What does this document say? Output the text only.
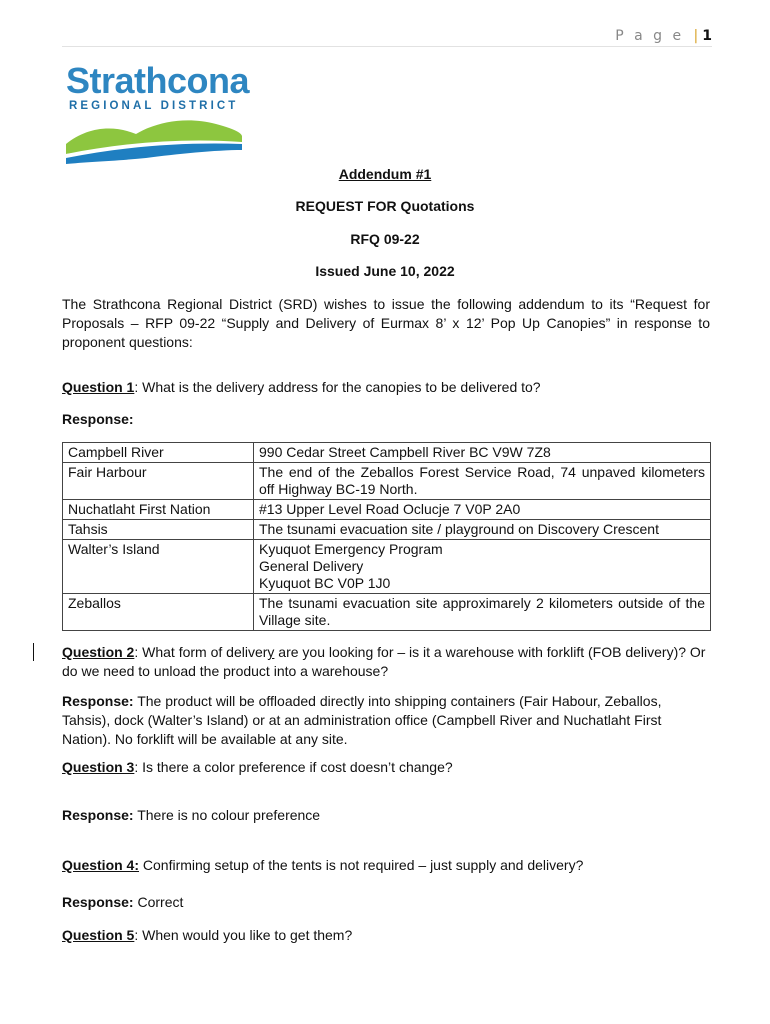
P a g e | 1
Strathcona
REGIONAL DISTRICT
Addendum #1
REQUEST FOR Quotations
RFQ 09-22
Issued June 10, 2022
The Strathcona Regional District (SRD) wishes to issue the following addendum to its “Request for Proposals – RFP 09-22 “Supply and Delivery of Eurmax 8’ x 12’ Pop Up Canopies” in response to proponent questions:
Question 1: What is the delivery address for the canopies to be delivered to?
Response:
Campbell River	990 Cedar Street Campbell River BC V9W 7Z8

Fair Harbour	The end of the Zeballos Forest Service Road, 74 unpaved kilometers off Highway BC-19 North.

Nuchatlaht First Nation	#13 Upper Level Road Oclucje 7 V0P 2A0

Tahsis	The tsunami evacuation site / playground on Discovery Crescent

Walter’s Island	Kyuquot Emergency Program
General Delivery
Kyuquot BC V0P 1J0

Zeballos	The tsunami evacuation site approximarely 2 kilometers outside of the Village site.
Question 2: What form of delivery are you looking for – is it a warehouse with forklift (FOB delivery)? Or do we need to unload the product into a warehouse?
Response: The product will be offloaded directly into shipping containers (Fair Habour, Zeballos, Tahsis), dock (Walter’s Island) or at an administration office (Campbell River and Nuchatlaht First Nation). No forklift will be available at any site.
Question 3: Is there a color preference if cost doesn’t change?
Response: There is no colour preference
Question 4: Confirming setup of the tents is not required – just supply and delivery?
Response: Correct
Question 5: When would you like to get them?
